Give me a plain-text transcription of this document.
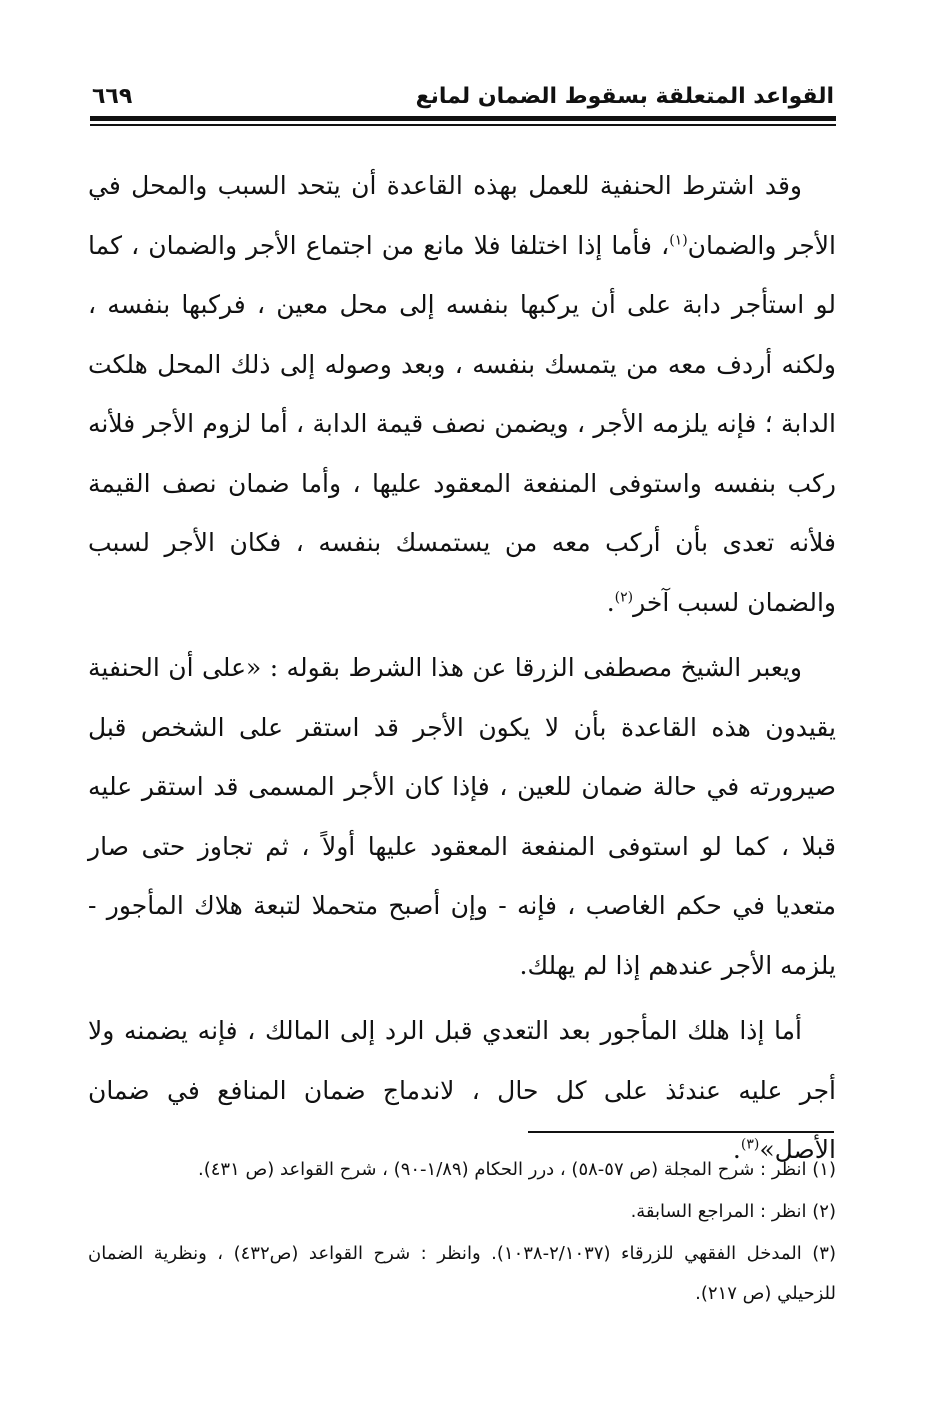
القواعد المتعلقة بسقوط الضمان لمانع
٦٦٩

وقد اشترط الحنفية للعمل بهذه القاعدة أن يتحد السبب والمحل في الأجر والضمان$^{(١)}$، فأما إذا اختلفا فلا مانع من اجتماع الأجر والضمان ، كما لو استأجر دابة على أن يركبها بنفسه إلى محل معين ، فركبها بنفسه ، ولكنه أردف معه من يتمسك بنفسه ، وبعد وصوله إلى ذلك المحل هلكت الدابة ؛ فإنه يلزمه الأجر ، ويضمن نصف قيمة الدابة ، أما لزوم الأجر فلأنه ركب بنفسه واستوفى المنفعة المعقود عليها ، وأما ضمان نصف القيمة فلأنه تعدى بأن أركب معه من يستمسك بنفسه ، فكان الأجر لسبب والضمان لسبب آخر$^{(٢)}$.

ويعبر الشيخ مصطفى الزرقا عن هذا الشرط بقوله : «على أن الحنفية يقيدون هذه القاعدة بأن لا يكون الأجر قد استقر على الشخص قبل صيرورته في حالة ضمان للعين ، فإذا كان الأجر المسمى قد استقر عليه قبلا ، كما لو استوفى المنفعة المعقود عليها أولاً ، ثم تجاوز حتى صار متعديا في حكم الغاصب ، فإنه - وإن أصبح متحملا لتبعة هلاك المأجور - يلزمه الأجر عندهم إذا لم يهلك.

أما إذا هلك المأجور بعد التعدي قبل الرد إلى المالك ، فإنه يضمنه ولا أجر عليه عندئذ على كل حال ، لاندماج ضمان المنافع في ضمان الأصل»$^{(٣)}$.

(١) انظر : شرح المجلة (ص ٥٧-٥٨) ، درر الحكام (١/٨٩-٩٠) ، شرح القواعد (ص ٤٣١).

(٢) انظر : المراجع السابقة.

(٣) المدخل الفقهي للزرقاء (٢/١٠٣٧-١٠٣٨). وانظر : شرح القواعد (ص٤٣٢) ، ونظرية الضمان للزحيلي (ص ٢١٧).
